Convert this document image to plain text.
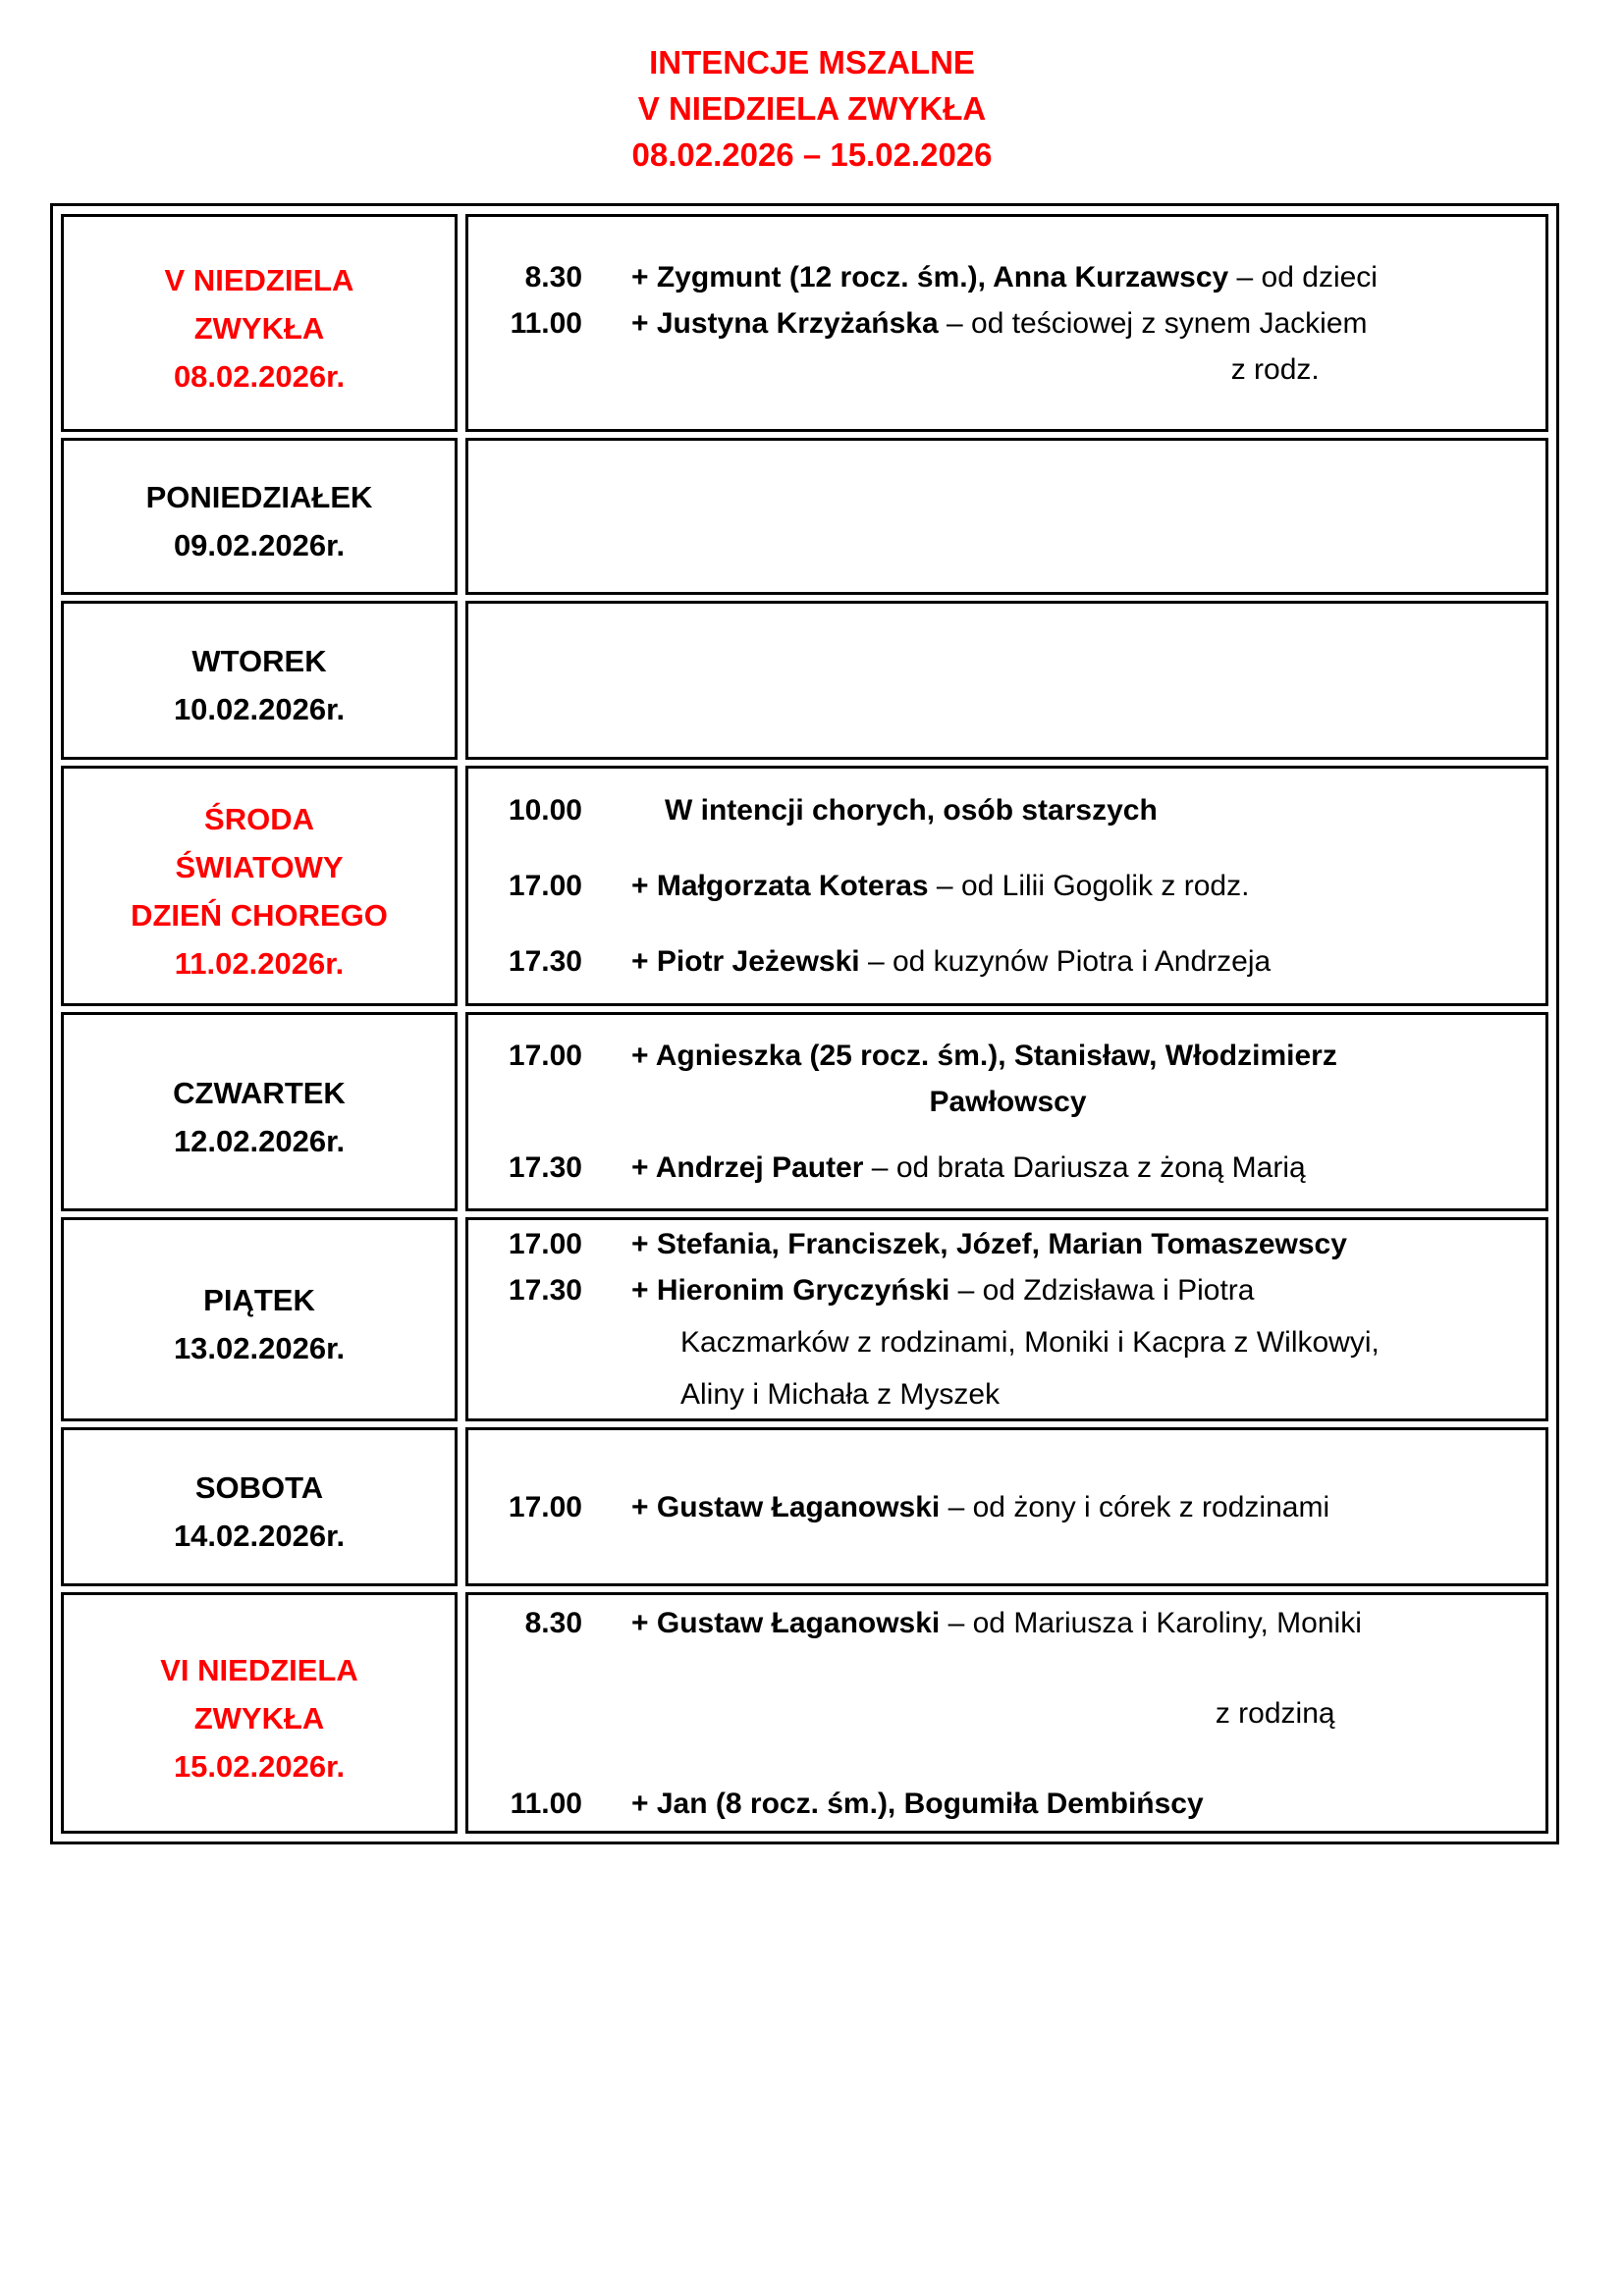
INTENCJE MSZALNE
V NIEDZIELA ZWYKŁA
08.02.2026 – 15.02.2026
V NIEDZIELA
ZWYKŁA
08.02.2026r.
8.30 + Zygmunt (12 rocz. śm.), Anna Kurzawscy – od dzieci
11.00 + Justyna Krzyżańska – od teściowej z synem Jackiem
z rodz.
PONIEDZIAŁEK
09.02.2026r.
WTOREK
10.02.2026r.
ŚRODA
ŚWIATOWY
DZIEŃ CHOREGO
11.02.2026r.
10.00	W intencji chorych, osób starszych
17.00 + Małgorzata Koteras – od Lilii Gogolik z rodz.
17.30 + Piotr Jeżewski – od kuzynów Piotra i Andrzeja
CZWARTEK
12.02.2026r.
17.00 + Agnieszka (25 rocz. śm.), Stanisław, Włodzimierz
Pawłowscy
17.30 + Andrzej Pauter – od brata Dariusza z żoną Marią
PIĄTEK
13.02.2026r.
17.00 + Stefania, Franciszek, Józef, Marian Tomaszewscy
17.30 + Hieronim Gryczyński – od Zdzisława i Piotra
Kaczmarków z rodzinami, Moniki i Kacpra z Wilkowyi,
Aliny i Michała z Myszek
SOBOTA
14.02.2026r.
17.00 + Gustaw Łaganowski – od żony i córek z rodzinami
VI NIEDZIELA
ZWYKŁA
15.02.2026r.
8.30 + Gustaw Łaganowski – od Mariusza i Karoliny, Moniki
z rodziną
11.00 + Jan (8 rocz. śm.), Bogumiła Dembińscy
